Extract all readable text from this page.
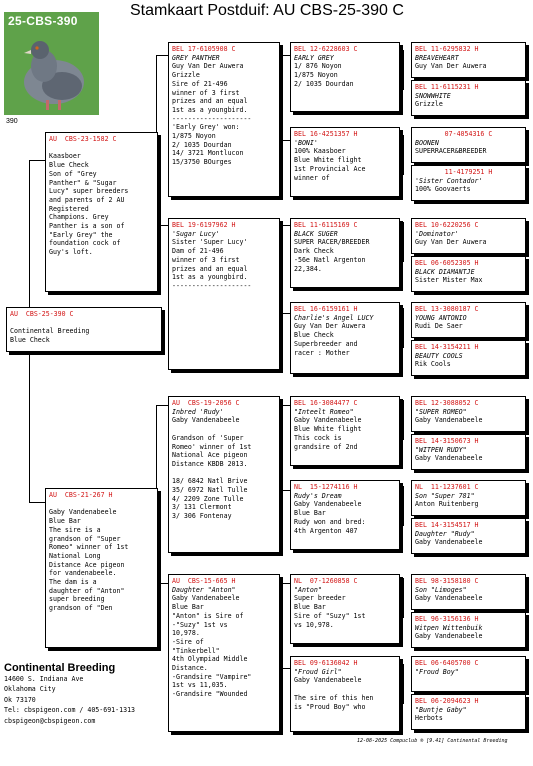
Stamkaart Postduif: AU CBS-25-390 C
25-CBS-390
390
AU  CBS-25-390 C

Continental Breeding
Blue Check
AU  CBS-23-1582 C

Kaasboer
Blue Check
Son of "Grey
Panther" & "Sugar
Lucy" super breeders
and parents of 2 AU
Registered
Champions. Grey
Panther is a son of
"Early Grey" the
foundation cock of
Guy's loft.
AU  CBS-21-267 H

Gaby Vandenabeele
Blue Bar
The sire is a
grandson of "Super
Romeo" winner of 1st
National Long
Distance Ace pigeon
for vandenabeele.
The dam is a
daughter of "Anton"
super breeding
grandson of "Den
BEL 17-6105908 C
GREY PANTHER
Guy Van Der Auwera
Grizzle
Sire of 21-496
winner of 3 first
prizes and an equal
1st as a youngbird.
--------------------
'Early Grey' won:
1/875 Noyon
2/ 1035 Dourdan
14/ 3721 Montlucon
15/3750 BOurges
BEL 19-6197962 H
'Sugar Lucy'
Sister 'Super Lucy'
Dam of 21-496
winner of 3 first
prizes and an equal
1st as a youngbird.
--------------------
AU  CBS-19-2056 C
Inbred 'Rudy'
Gaby Vandenabeele

Grandson of 'Super
Romeo' winner of 1st
National Ace pigeon
Distance KBDB 2013.

18/ 6842 Natl Brive
35/ 6972 Natl Tulle
4/ 2209 Zone Tulle
3/ 131 Clermont
3/ 306 Fontenay
AU  CBS-15-665 H
Daughter "Anton"
Gaby Vandenabeele
Blue Bar
"Anton" is Sire of
-"Suzy" 1st vs
10,978.
-Sire of
"Tinkerbell"
4th Olympiad Middle
Distance.
-Grandsire "Vampire"
1st vs 11,035.
-Grandsire "Wounded
BEL 12-6228603 C
EARLY GREY
1/ 876 Noyon
1/875 Noyon
2/ 1035 Dourdan
BEL 16-4251357 H
'BONI'
100% Kaasboer
Blue White flight
1st Provincial Ace
winner of
BEL 11-6115169 C
BLACK SUGER
SUPER RACER/BREEDER
Dark Check
-56e Natl Argenton
22,384.
BEL 16-6159161 H
Charlie's Angel LUCY
Guy Van Der Auwera
Blue Check
Superbreeder and
racer : Mother
BEL 16-3084477 C
"Inteelt Romeo"
Gaby Vandenabeele
Blue White flight
This cock is
grandsire of 2nd
NL  15-1274116 H
Rudy's Dream
Gaby Vandenabeele
Blue Bar
Rudy won and bred:
4th Argenton 407
NL  07-1260858 C
"Anton"
Super breeder
Blue Bar
Sire of "Suzy" 1st
vs 10,978.
BEL 09-6136042 H
"Froud Girl"
Gaby Vandenabeele

The sire of this hen
is "Proud Boy" who
BEL 11-6295832 H
BREAVEHEART
Guy Van Der Auwera
BEL 11-6115231 H
SNOWWHITE
Grizzle
07-4054316 C
BOONEN
SUPERRACER&BREEDER
11-4179251 H
'Sister Contador'
100% Goovaerts
BEL 10-6220256 C
'Dominator'
Guy Van Der Auwera
BEL 06-6052305 H
BLACK DIAMANTJE
Sister Mister Max
BEL 13-3080187 C
YOUNG ANTONIO
Rudi De Saer
BEL 14-3154211 H
BEAUTY COOLS
Rik Cools
BEL 12-3088052 C
"SUPER ROMEO"
Gaby Vandenabeele
BEL 14-3150673 H
"WITPEN RUDY"
Gaby Vandenabeele
NL  11-1237601 C
Son "Super 781"
Anton Ruitenberg
BEL 14-3154517 H
Daughter "Rudy"
Gaby Vandenabeele
BEL 98-3158180 C
Son "Limoges"
Gaby Vandenabeele
BEL 96-3156136 H
Witpen Wittenbuik
Gaby Vandenabeele
BEL 06-6405700 C
"Froud Boy"
BEL 06-2094623 H
"Buntje Gaby"
Herbots
Continental Breeding
14600 S. Indiana Ave
Oklahoma City
Ok 73170
Tel: cbspigeon.com / 405-691-1313
cbspigeon@cbspigeon.com
12-08-2025 Compuclub ® [9.41] Continental Breeding
